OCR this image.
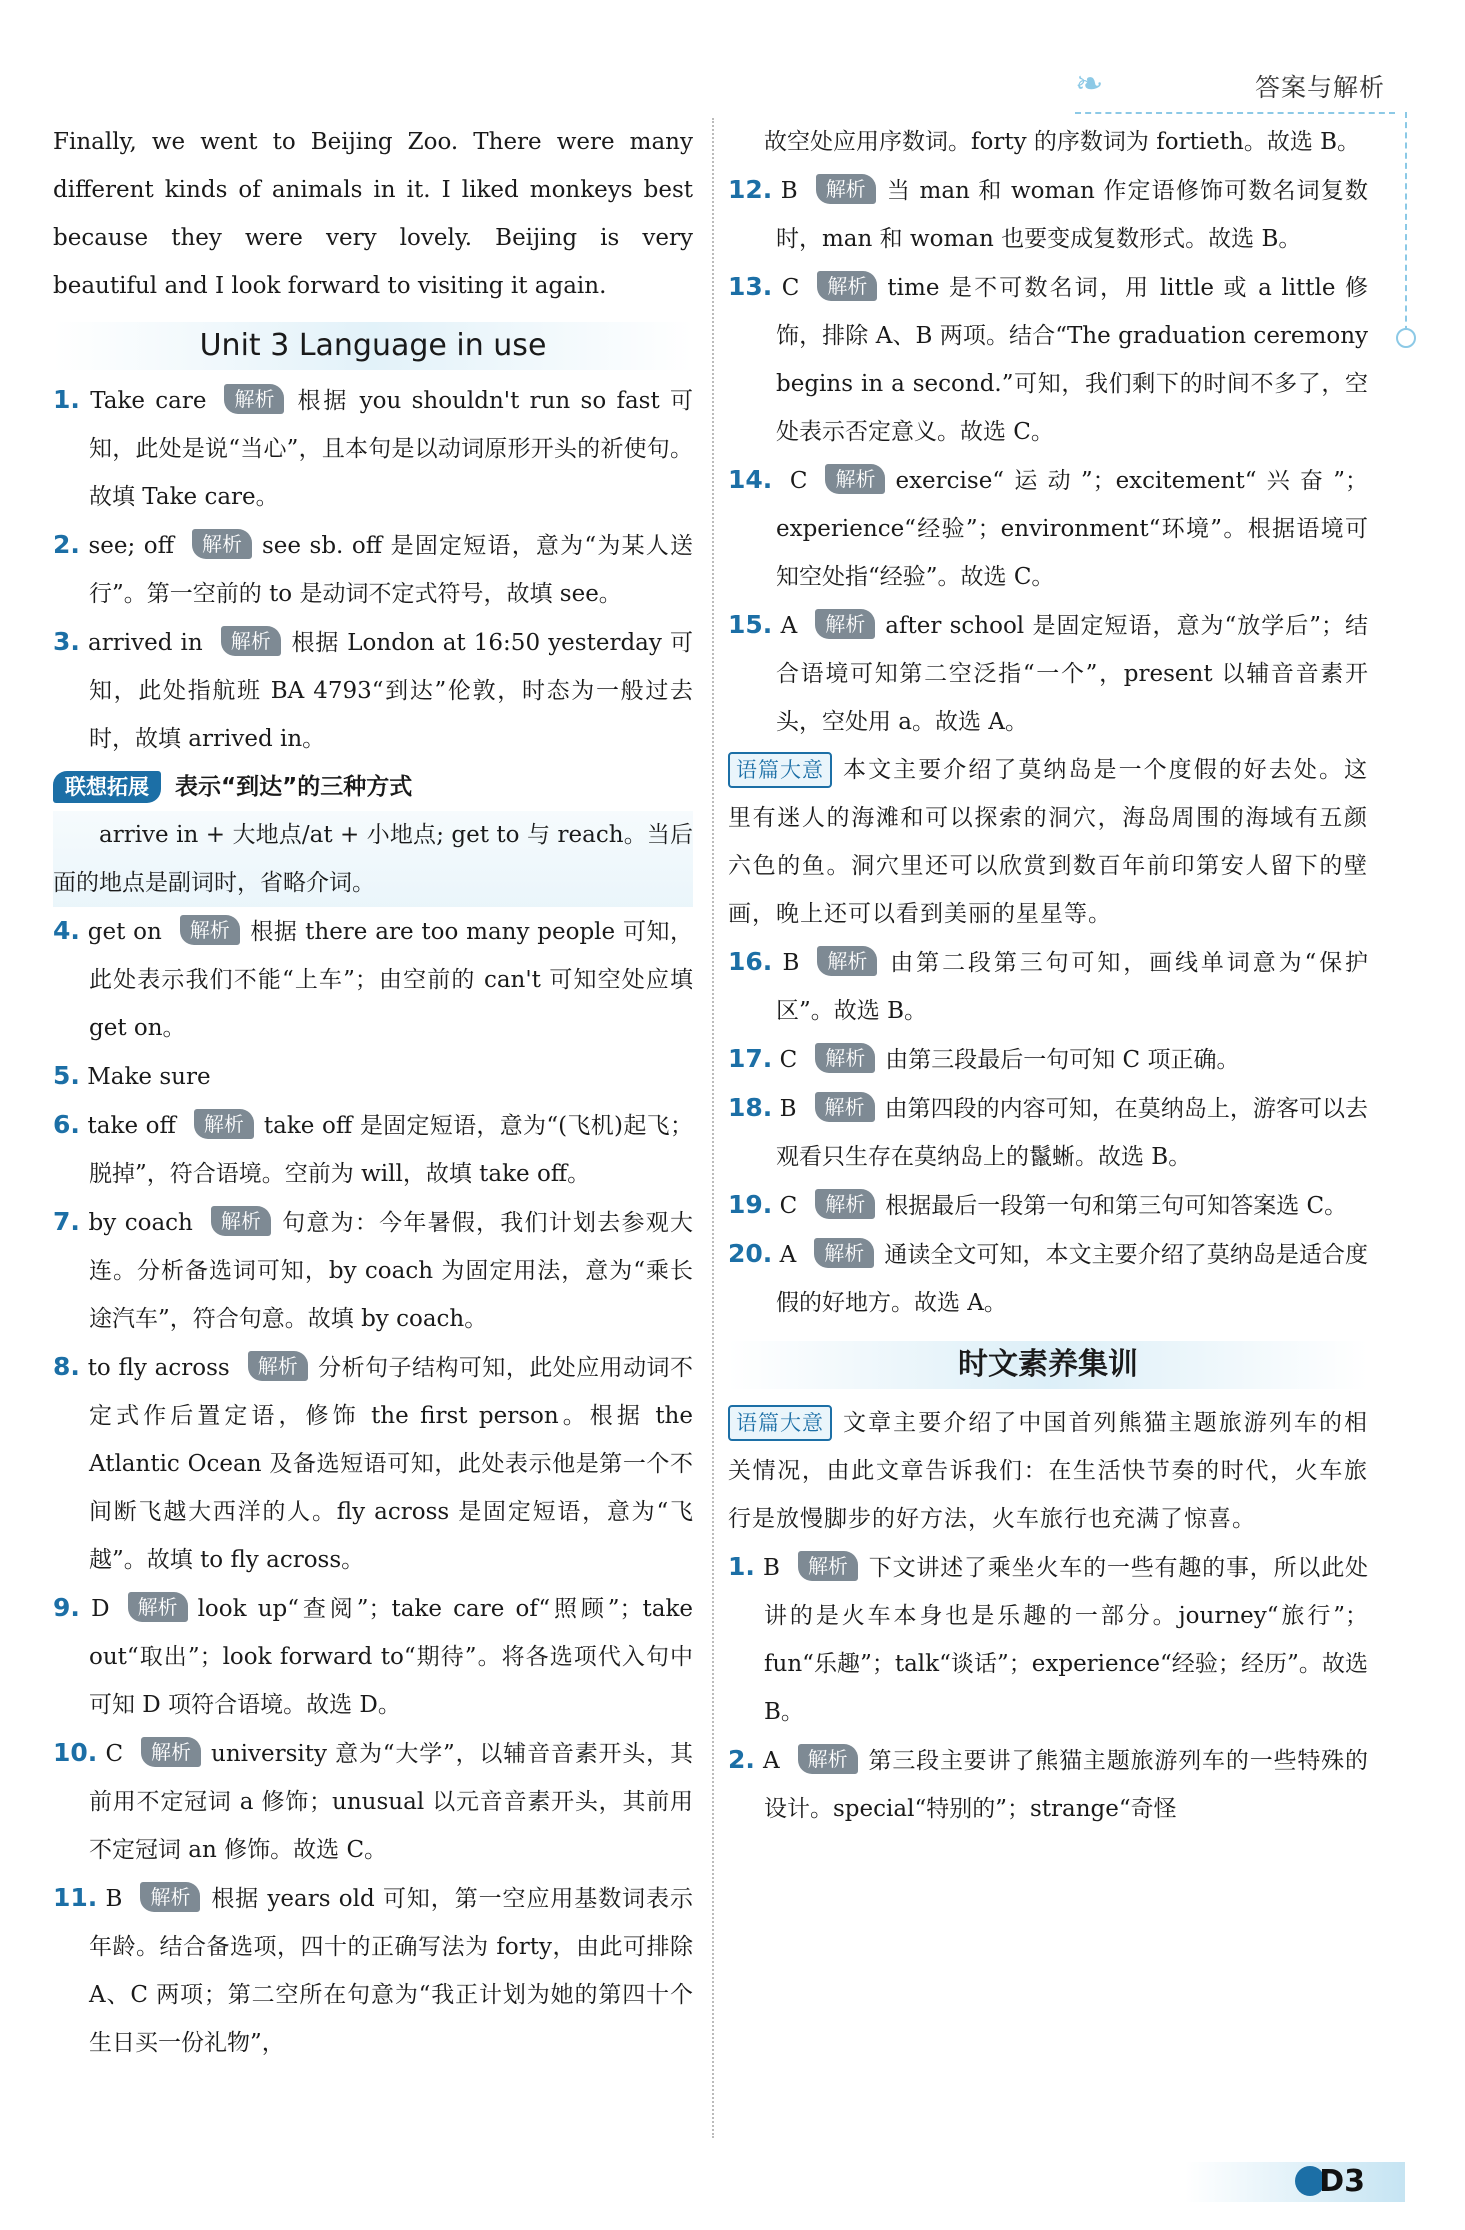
❧	答案与解析

Finally, we went to Beijing Zoo. There were many different kinds of animals in it. I liked monkeys best because they were very lovely. Beijing is very beautiful and I look forward to visiting it again.

Unit 3 Language in use

1. Take care 解析 根据 you shouldn't run so fast 可知，此处是说“当心”，且本句是以动词原形开头的祈使句。故填 Take care。

2. see; off 解析 see sb. off 是固定短语，意为“为某人送行”。第一空前的 to 是动词不定式符号，故填 see。

3. arrived in 解析 根据 London at 16:50 yesterday 可知，此处指航班 BA 4793“到达”伦敦，时态为一般过去时，故填 arrived in。

联想拓展 表示“到达”的三种方式

arrive in + 大地点/at + 小地点; get to 与 reach。当后面的地点是副词时，省略介词。

4. get on 解析 根据 there are too many people 可知，此处表示我们不能“上车”；由空前的 can't 可知空处应填 get on。

5. Make sure

6. take off 解析 take off 是固定短语，意为“(飞机)起飞；脱掉”，符合语境。空前为 will，故填 take off。

7. by coach 解析 句意为：今年暑假，我们计划去参观大连。分析备选词可知，by coach 为固定用法，意为“乘长途汽车”，符合句意。故填 by coach。

8. to fly across 解析 分析句子结构可知，此处应用动词不定式作后置定语，修饰 the first person。根据 the Atlantic Ocean 及备选短语可知，此处表示他是第一个不间断飞越大西洋的人。fly across 是固定短语，意为“飞越”。故填 to fly across。

9. D 解析 look up“查阅”；take care of“照顾”；take out“取出”；look forward to“期待”。将各选项代入句中可知 D 项符合语境。故选 D。

10. C 解析 university 意为“大学”，以辅音音素开头，其前用不定冠词 a 修饰；unusual 以元音音素开头，其前用不定冠词 an 修饰。故选 C。

11. B 解析 根据 years old 可知，第一空应用基数词表示年龄。结合备选项，四十的正确写法为 forty，由此可排除 A、C 两项；第二空所在句意为“我正计划为她的第四十个生日买一份礼物”，

故空处应用序数词。forty 的序数词为 fortieth。故选 B。

12. B 解析 当 man 和 woman 作定语修饰可数名词复数时，man 和 woman 也要变成复数形式。故选 B。

13. C 解析 time 是不可数名词，用 little 或 a little 修饰，排除 A、B 两项。结合“The graduation ceremony begins in a second.”可知，我们剩下的时间不多了，空处表示否定意义。故选 C。

14. C 解析 exercise“运动”；excitement“兴奋”；experience“经验”；environment“环境”。根据语境可知空处指“经验”。故选 C。

15. A 解析 after school 是固定短语，意为“放学后”；结合语境可知第二空泛指“一个”，present 以辅音音素开头，空处用 a。故选 A。

语篇大意 本文主要介绍了莫纳岛是一个度假的好去处。这里有迷人的海滩和可以探索的洞穴，海岛周围的海域有五颜六色的鱼。洞穴里还可以欣赏到数百年前印第安人留下的壁画，晚上还可以看到美丽的星星等。

16. B 解析 由第二段第三句可知，画线单词意为“保护区”。故选 B。

17. C 解析 由第三段最后一句可知 C 项正确。

18. B 解析 由第四段的内容可知，在莫纳岛上，游客可以去观看只生存在莫纳岛上的鬣蜥。故选 B。

19. C 解析 根据最后一段第一句和第三句可知答案选 C。

20. A 解析 通读全文可知，本文主要介绍了莫纳岛是适合度假的好地方。故选 A。

时文素养集训

语篇大意 文章主要介绍了中国首列熊猫主题旅游列车的相关情况，由此文章告诉我们：在生活快节奏的时代，火车旅行是放慢脚步的好方法，火车旅行也充满了惊喜。

1. B 解析 下文讲述了乘坐火车的一些有趣的事，所以此处讲的是火车本身也是乐趣的一部分。journey“旅行”；fun“乐趣”；talk“谈话”；experience“经验；经历”。故选 B。

2. A 解析 第三段主要讲了熊猫主题旅游列车的一些特殊的设计。special“特别的”；strange“奇怪

D3
